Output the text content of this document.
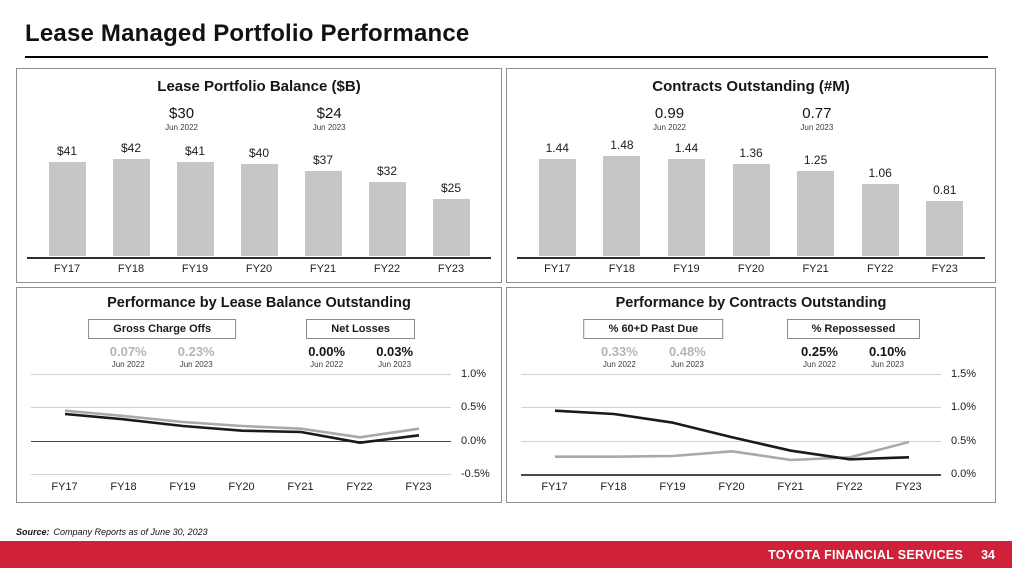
Lease Managed Portfolio Performance
Lease Portfolio Balance ($B)
$30
Jun 2022
$24
Jun 2023
$41	$42	$41	$40	$37
$32
$25
FY17	FY18	FY19	FY20	FY21	FY22	FY23
Contracts Outstanding (#M)
0.99
Jun 2022
0.77
Jun 2023
1.44	1.48	1.44	1.36
1.25
1.06
0.81
FY17	FY18	FY19	FY20	FY21	FY22	FY23
Performance by Lease Balance Outstanding
Gross Charge Offs
0.07%
Jun 2022
0.23%
Jun 2023
Net Losses
0.00%
Jun 2022
0.03%
Jun 2023
1.0%
0.5%
0.0%
-0.5%
FY17	FY18	FY19	FY20	FY21	FY22	FY23
Performance by Contracts Outstanding
% 60+D Past Due
0.33%
Jun 2022
0.48%
Jun 2023
% Repossessed
0.25%
Jun 2022
0.10%
Jun 2023
1.5%
1.0%
0.5%
0.0%
FY17	FY18	FY19	FY20	FY21	FY22	FY23
Source: Company Reports as of June 30, 2023
TOYOTA FINANCIAL SERVICES 34
